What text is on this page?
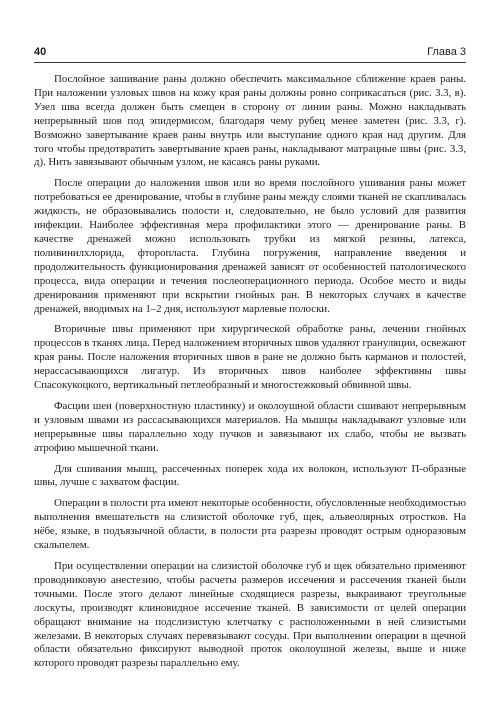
40	Глава 3

Послойное зашивание раны должно обеспечить максимальное сближение краев раны. При наложении узловых швов на кожу края раны должны ровно соприкасаться (рис. 3.3, в). Узел шва всегда должен быть смещен в сторону от линии раны. Можно накладывать непрерывный шов под эпидермисом, благодаря чему рубец менее заметен (рис. 3.3, г). Возможно завертывание краев раны внутрь или выступание одного края над другим. Для того чтобы предотвратить завертывание краев раны, накладывают матрацные швы (рис. 3.3, д). Нить завязывают обычным узлом, не касаясь раны руками.

После операции до наложения швов или во время послойного ушивания раны может потребоваться ее дренирование, чтобы в глубине раны между слоями тканей не скапливалась жидкость, не образовывались полости и, следовательно, не было условий для развития инфекции. Наиболее эффективная мера профилактики этого — дренирование раны. В качестве дренажей можно использовать трубки из мягкой резины, латекса, поливинилхлорида, фторопласта. Глубина погружения, направление введения и продолжительность функционирования дренажей зависят от особенностей патологического процесса, вида операции и течения послеоперационного периода. Особое место и виды дренирования применяют при вскрытии гнойных ран. В некоторых случаях в качестве дренажей, вводимых на 1–2 дня, используют марлевые полоски.

Вторичные швы применяют при хирургической обработке раны, лечении гнойных процессов в тканях лица. Перед наложением вторичных швов удаляют грануляции, освежают края раны. После наложения вторичных швов в ране не должно быть карманов и полостей, нерассасывающихся лигатур. Из вторичных швов наиболее эффективны швы Спасокукоцкого, вертикальный петлеобразный и многостежковый обвивной швы.

Фасции шеи (поверхностную пластинку) и околоушной области сшивают непрерывным и узловым швами из рассасывающихся материалов. На мышцы накладывают узловые или непрерывные швы параллельно ходу пучков и завязывают их слабо, чтобы не вызвать атрофию мышечной ткани.

Для сшивания мышц, рассеченных поперек хода их волокон, используют П-образные швы, лучше с захватом фасции.

Операции в полости рта имеют некоторые особенности, обусловленные необходимостью выполнения вмешательств на слизистой оболочке губ, щек, альвеолярных отростков. На нёбе, языке, в подъязычной области, в полости рта разрезы проводят острым одноразовым скальпелем.

При осуществлении операции на слизистой оболочке губ и щек обязательно применяют проводниковую анестезию, чтобы расчеты размеров иссечения и рассечения тканей были точными. После этого делают линейные сходящиеся разрезы, выкраивают треугольные лоскуты, производят клиновидное иссечение тканей. В зависимости от целей операции обращают внимание на подслизистую клетчатку с расположенными в ней слизистыми железами. В некоторых случаях перевязывают сосуды. При выполнении операции в щечной области обязательно фиксируют выводной проток околоушной железы, выше и ниже которого проводят разрезы параллельно ему.
